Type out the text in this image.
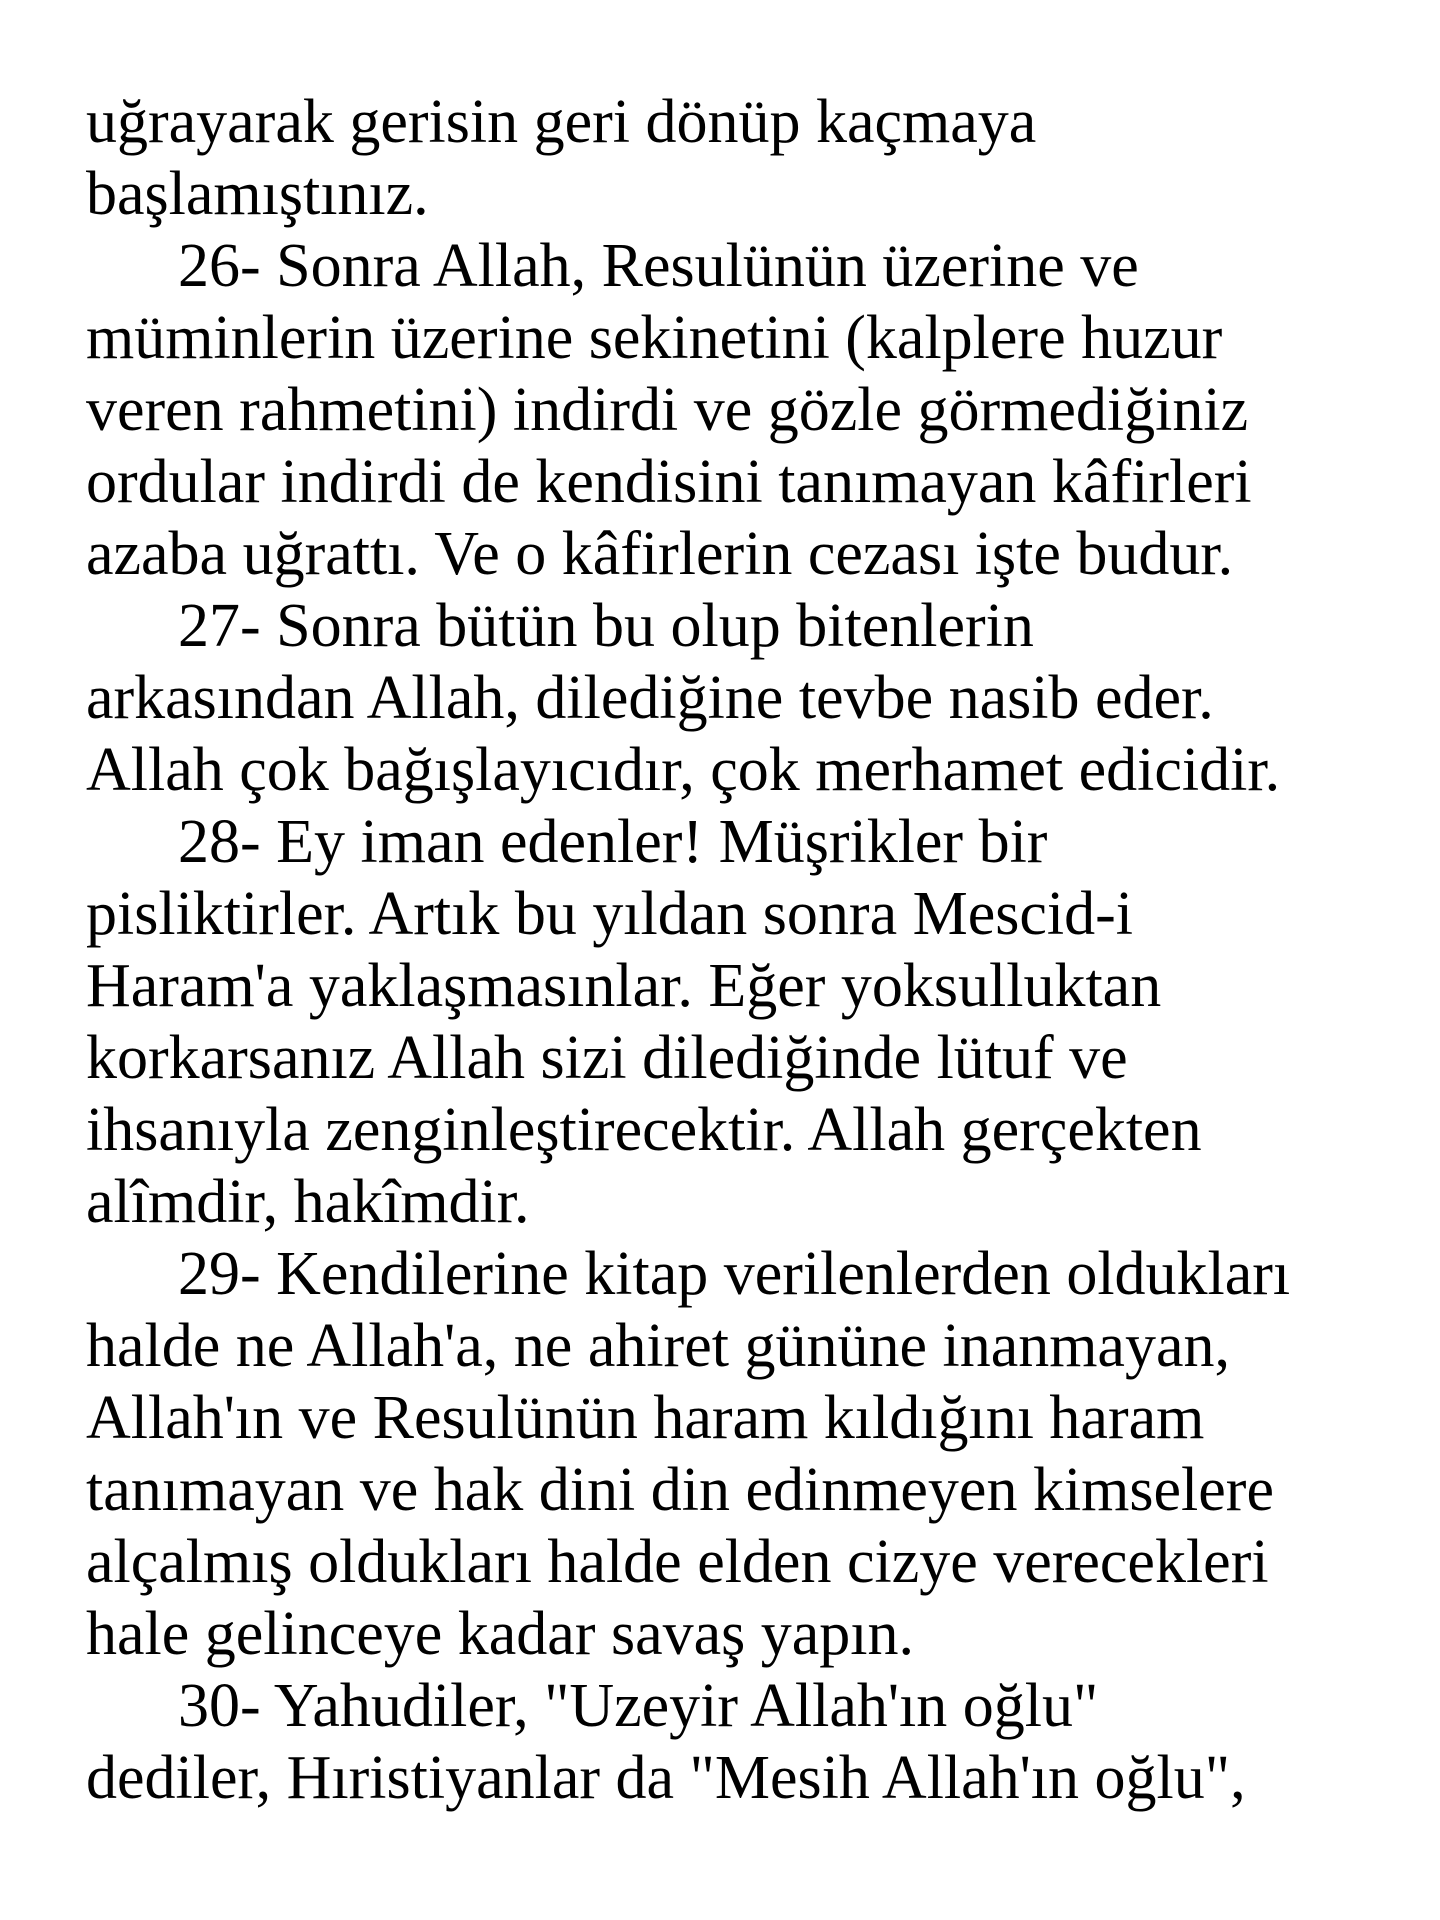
uğrayarak gerisin geri dönüp kaçmaya
başlamıştınız.
26- Sonra Allah, Resulünün üzerine ve
müminlerin üzerine sekinetini (kalplere huzur
veren rahmetini) indirdi ve gözle görmediğiniz
ordular indirdi de kendisini tanımayan kâfirleri
azaba uğrattı. Ve o kâfirlerin cezası işte budur.
27- Sonra bütün bu olup bitenlerin
arkasından Allah, dilediğine tevbe nasib eder.
Allah çok bağışlayıcıdır, çok merhamet edicidir.
28- Ey iman edenler! Müşrikler bir
pisliktirler. Artık bu yıldan sonra Mescid-i
Haram'a yaklaşmasınlar. Eğer yoksulluktan
korkarsanız Allah sizi dilediğinde lütuf ve
ihsanıyla zenginleştirecektir. Allah gerçekten
alîmdir, hakîmdir.
29- Kendilerine kitap verilenlerden oldukları
halde ne Allah'a, ne ahiret gününe inanmayan,
Allah'ın ve Resulünün haram kıldığını haram
tanımayan ve hak dini din edinmeyen kimselere
alçalmış oldukları halde elden cizye verecekleri
hale gelinceye kadar savaş yapın.
30- Yahudiler, "Uzeyir Allah'ın oğlu"
dediler, Hıristiyanlar da "Mesih Allah'ın oğlu",
